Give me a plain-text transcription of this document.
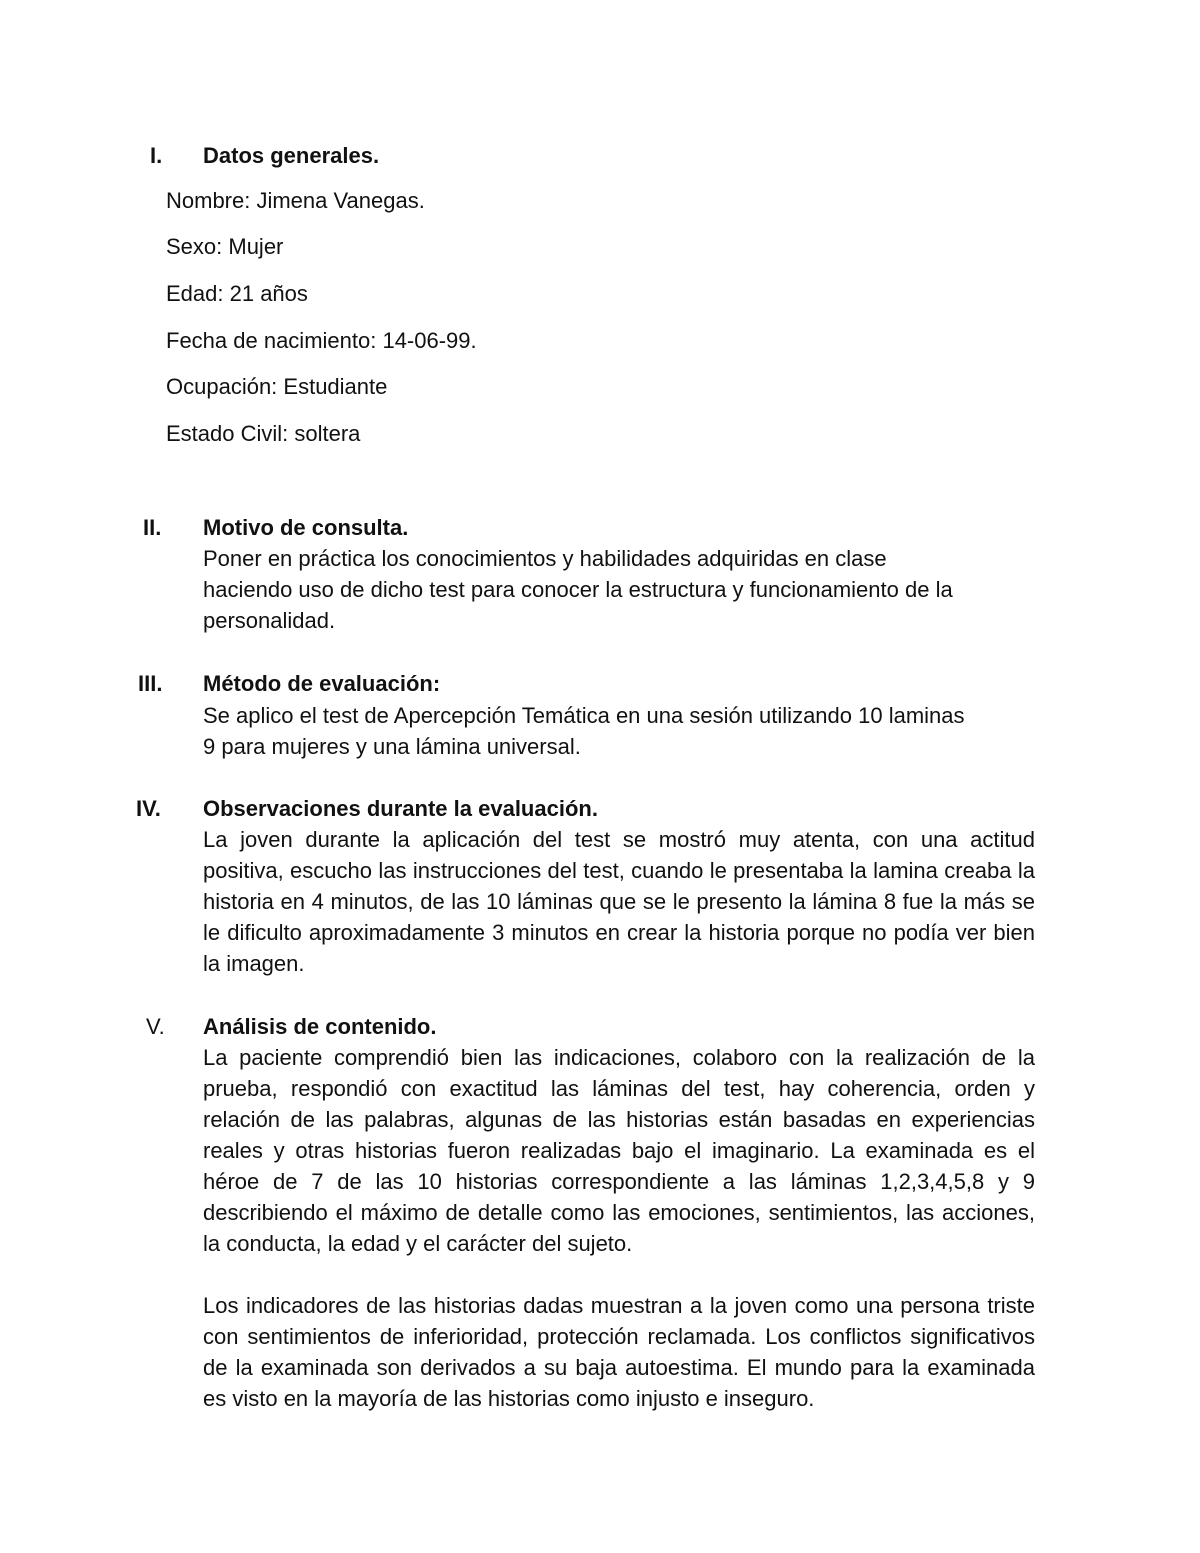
I. Datos generales.
Nombre: Jimena Vanegas.
Sexo: Mujer
Edad: 21 años
Fecha de nacimiento: 14-06-99.
Ocupación: Estudiante
Estado Civil: soltera
II. Motivo de consulta.
Poner en práctica los conocimientos y habilidades adquiridas en clase
haciendo uso de dicho test para conocer la estructura y funcionamiento de la
personalidad.
III. Método de evaluación:
Se aplico el test de Apercepción Temática en una sesión utilizando 10 laminas
9 para mujeres y una lámina universal.
IV. Observaciones durante la evaluación.

La joven durante la aplicación del test se mostró muy atenta, con una actitud positiva, escucho las instrucciones del test, cuando le presentaba la lamina creaba la historia en 4 minutos, de las 10 láminas que se le presento la lámina 8 fue la más se le dificulto aproximadamente 3 minutos en crear la historia porque no podía ver bien la imagen.

V. Análisis de contenido.

La paciente comprendió bien las indicaciones, colaboro con la realización de la prueba, respondió con exactitud las láminas del test, hay coherencia, orden y relación de las palabras, algunas de las historias están basadas en experiencias reales y otras historias fueron realizadas bajo el imaginario. La examinada es el héroe de 7 de las 10 historias correspondiente a las láminas 1,2,3,4,5,8 y 9 describiendo el máximo de detalle como las emociones, sentimientos, las acciones, la conducta, la edad y el carácter del sujeto.

Los indicadores de las historias dadas muestran a la joven como una persona triste con sentimientos de inferioridad, protección reclamada. Los conflictos significativos de la examinada son derivados a su baja autoestima. El mundo para la examinada es visto en la mayoría de las historias como injusto e inseguro.
